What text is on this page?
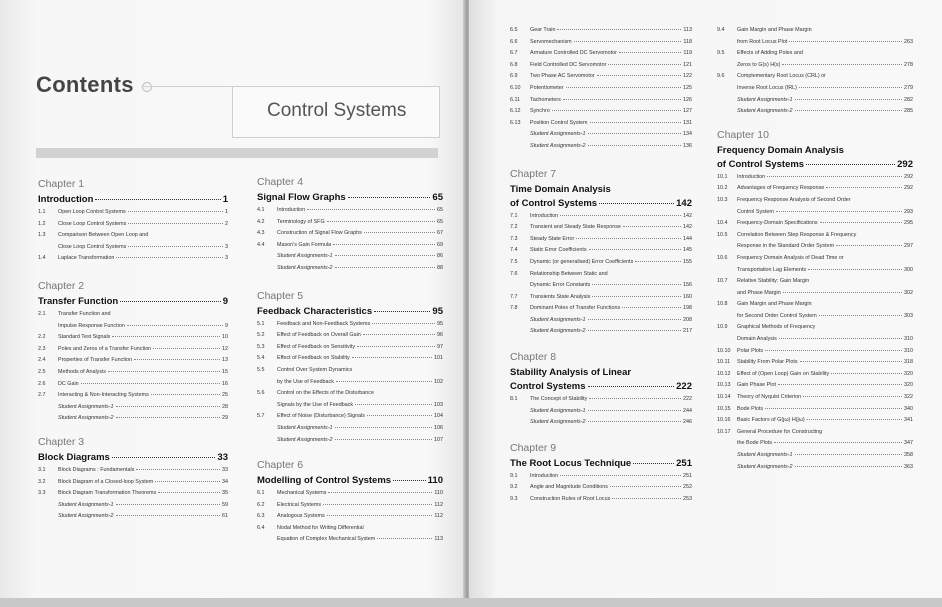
Contents
Control Systems
Chapter 1
Introduction	1
1.1	Open Loop Control Systems	1
1.2	Close Loop Control Systems	2
1.3	Comparison Between Open Loop and
Close Loop Control Systems	3
1.4	Laplace Transformation	3
Chapter 2
Transfer Function	9
2.1	Transfer Function and
Impulse Response Function	9
2.2	Standard Test Signals	10
2.3	Poles and Zeros of a Transfer Function	12
2.4	Properties of Transfer Function	13
2.5	Methods of Analysis	15
2.6	DC Gain	16
2.7	Interacting & Non-Interacting Systems	25
Student Assignments-1	28
Student Assignments-2	29
Chapter 3
Block Diagrams	33
3.1	Block Diagrams : Fundamentals	33
3.2	Block Diagram of a Closed-loop System	34
3.3	Block Diagram Transformation Theorems	35
Student Assignments-1	59
Student Assignments-2	61
Chapter 4
Signal Flow Graphs	65
4.1	Introduction	65
4.2	Terminology of SFG	65
4.3	Construction of Signal Flow Graphs	67
4.4	Mason's Gain Formula	69
Student Assignments-1	86
Student Assignments-2	88
Chapter 5
Feedback Characteristics	95
5.1	Feedback and Non-Feedback Systems	95
5.2	Effect of Feedback on Overall Gain	96
5.3	Effect of Feedback on Sensitivity	97
5.4	Effect of Feedback on Stability	101
5.5	Control Over System Dynamics
by the Use of Feedback	102
5.6	Control on the Effects of the Disturbance
Signals by the Use of Feedback	103
5.7	Effect of Noise (Disturbance) Signals	104
Student Assignments-1	106
Student Assignments-2	107
Chapter 6
Modelling of Control Systems	110
6.1	Mechanical Systems	110
6.2	Electrical Systems	112
6.3	Analogous Systems	112
6.4	Nodal Method for Writing Differential
Equation of Complex Mechanical System	113
6.5	Gear Train	113
6.6	Servomechanism	118
6.7	Armature Controlled DC Servomotor	119
6.8	Field Controlled DC Servomotor	121
6.9	Two Phase AC Servomotor	122
6.10	Potentiometer	125
6.11	Tachometers	126
6.12	Synchro	127
6.13	Position Control System	131
Student Assignments-1	134
Student Assignments-2	136
Chapter 7
Time Domain Analysis
of Control Systems	142
7.1	Introduction	142
7.2	Transient and Steady State Response	142
7.3	Steady State Error	144
7.4	Static Error Coefficients	145
7.5	Dynamic (or generalised) Error Coefficients	155
7.6	Relationship Between Static and
Dynamic Error Constants	156
7.7	Transients State Analysis	160
7.8	Dominant Poles of Transfer Functions	198
Student Assignments-1	208
Student Assignments-2	217
Chapter 8
Stability Analysis of Linear
Control Systems	222
8.1	The Concept of Stability	222
Student Assignments-1	244
Student Assignments-2	246
Chapter 9
The Root Locus Technique	251
9.1	Introduction	251
9.2	Angle and Magnitude Conditions	252
9.3	Construction Rules of Root Locus	253
9.4	Gain Margin and Phase Margin
from Root Locus Plot	263
9.5	Effects of Adding Poles and
Zeros to G(s) H(s)	278
9.6	Complementary Root Locus (CRL) or
Inverse Root Locus (IRL)	279
Student Assignments-1	282
Student Assignments-2	285
Chapter 10
Frequency Domain Analysis
of Control Systems	292
10.1	Introduction	292
10.2	Advantages of Frequency Response	292
10.3	Frequency Response Analysis of Second Order
Control System	293
10.4	Frequency-Domain Specifications	295
10.5	Correlation Between Step Response & Frequency
Response in the Standard Order System	297
10.6	Frequency Domain Analysis of Dead Time or
Transportation Lag Elements	300
10.7	Relative Stability: Gain Margin
and Phase Margin	302
10.8	Gain Margin and Phase Margin
for Second Order Control System	303
10.9	Graphical Methods of Frequency
Domain Analysis	310
10.10	Polar Plots	310
10.11	Stability From Polar Plots	318
10.12	Effect of (Open Loop) Gain on Stability	320
10.13	Gain Phase Plot	320
10.14	Theory of Nyquist Criterion	322
10.15	Bode Plots	340
10.16	Basic Factors of G(jω) H(jω)	341
10.17	General Procedure for Constructing
the Bode Plots	347
Student Assignments-1	358
Student Assignments-2	363
